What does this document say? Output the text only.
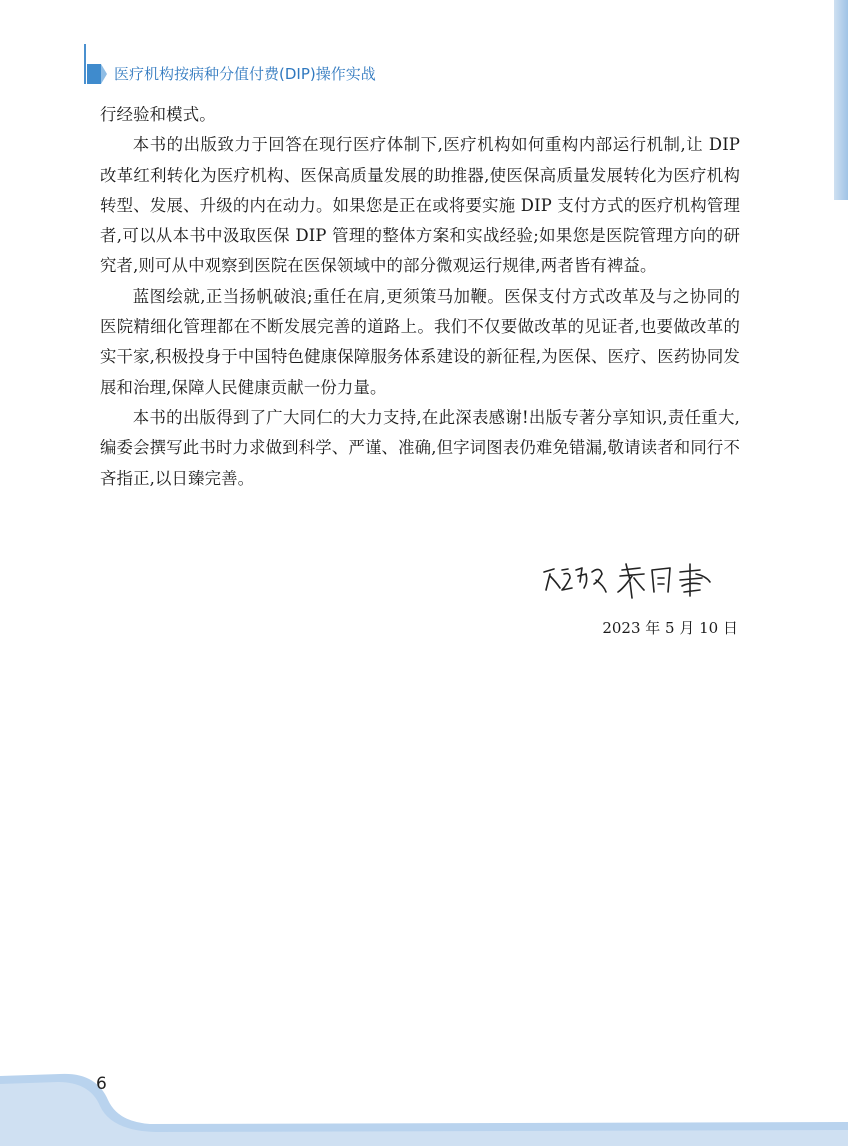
医疗机构按病种分值付费(DIP)操作实战

行经验和模式。

本书的出版致力于回答在现行医疗体制下,医疗机构如何重构内部运行机制,让 DIP 改革红利转化为医疗机构、医保高质量发展的助推器,使医保高质量发展转化为医疗机构转型、发展、升级的内在动力。如果您是正在或将要实施 DIP 支付方式的医疗机构管理者,可以从本书中汲取医保 DIP 管理的整体方案和实战经验;如果您是医院管理方向的研究者,则可从中观察到医院在医保领域中的部分微观运行规律,两者皆有裨益。

蓝图绘就,正当扬帆破浪;重任在肩,更须策马加鞭。医保支付方式改革及与之协同的医院精细化管理都在不断发展完善的道路上。我们不仅要做改革的见证者,也要做改革的实干家,积极投身于中国特色健康保障服务体系建设的新征程,为医保、医疗、医药协同发展和治理,保障人民健康贡献一份力量。

本书的出版得到了广大同仁的大力支持,在此深表感谢!出版专著分享知识,责任重大,编委会撰写此书时力求做到科学、严谨、准确,但字词图表仍难免错漏,敬请读者和同行不吝指正,以日臻完善。

2023 年 5 月 10 日
6
